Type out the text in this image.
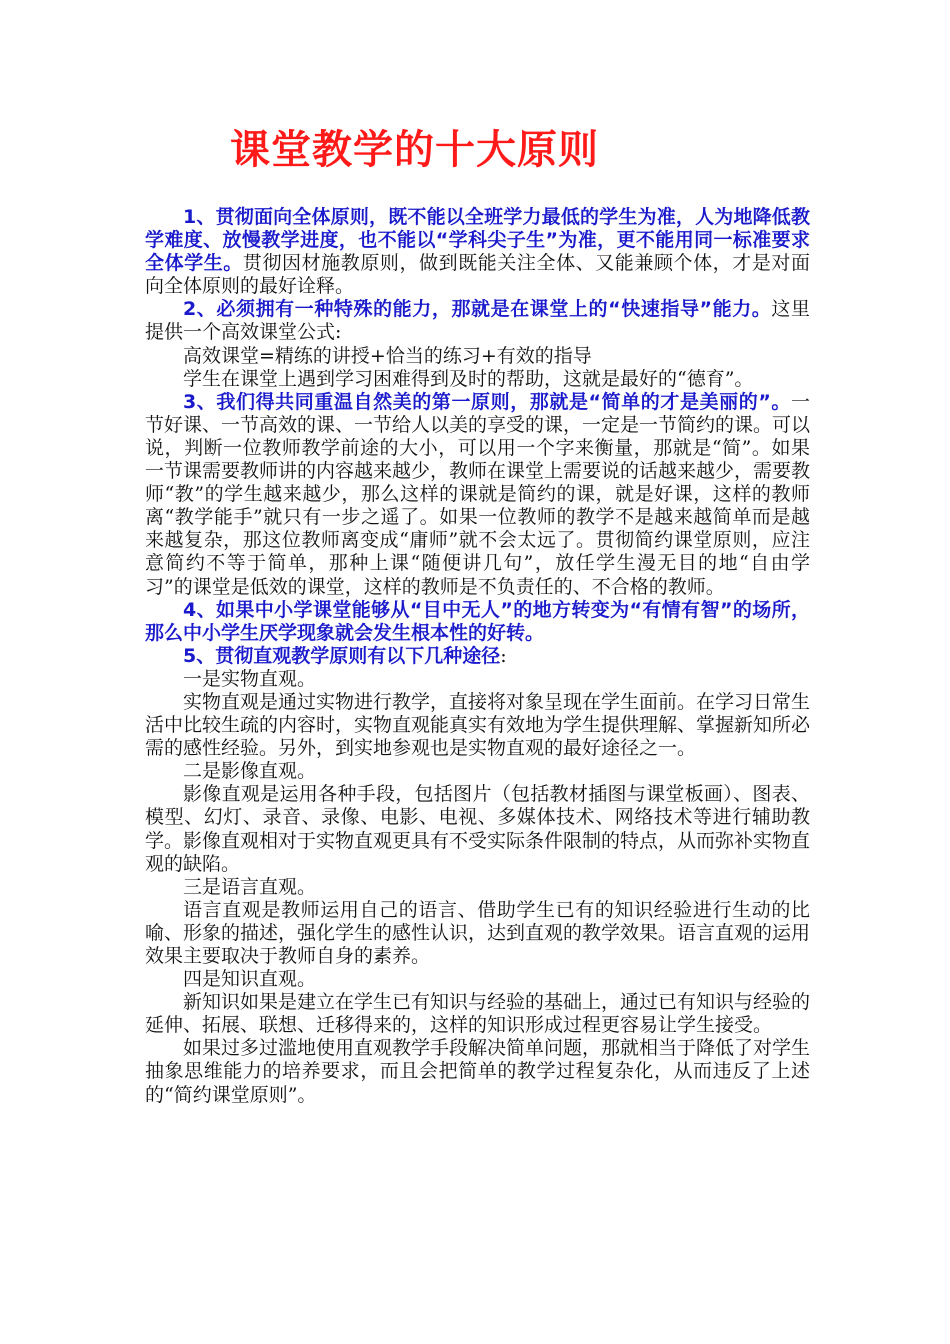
课堂教学的十大原则

1、贯彻面向全体原则，既不能以全班学力最低的学生为准，人为地降低教学难度、放慢教学进度，也不能以“学科尖子生”为准，更不能用同一标准要求全体学生。贯彻因材施教原则，做到既能关注全体、又能兼顾个体，才是对面向全体原则的最好诠释。

2、必须拥有一种特殊的能力，那就是在课堂上的“快速指导”能力。这里提供一个高效课堂公式:

高效课堂=精练的讲授+恰当的练习+有效的指导

学生在课堂上遇到学习困难得到及时的帮助，这就是最好的“德育”。

3、我们得共同重温自然美的第一原则，那就是“简单的才是美丽的”。一节好课、一节高效的课、一节给人以美的享受的课，一定是一节简约的课。可以说，判断一位教师教学前途的大小，可以用一个字来衡量，那就是“简”。如果一节课需要教师讲的内容越来越少，教师在课堂上需要说的话越来越少，需要教师“教”的学生越来越少，那么这样的课就是简约的课，就是好课，这样的教师离“教学能手”就只有一步之遥了。如果一位教师的教学不是越来越简单而是越来越复杂，那这位教师离变成“庸师”就不会太远了。贯彻简约课堂原则，应注意简约不等于简单，那种上课“随便讲几句”，放任学生漫无目的地“自由学习”的课堂是低效的课堂，这样的教师是不负责任的、不合格的教师。

4、如果中小学课堂能够从“目中无人”的地方转变为“有情有智”的场所，那么中小学生厌学现象就会发生根本性的好转。

5、贯彻直观教学原则有以下几种途径:

一是实物直观。

实物直观是通过实物进行教学，直接将对象呈现在学生面前。在学习日常生活中比较生疏的内容时，实物直观能真实有效地为学生提供理解、掌握新知所必需的感性经验。另外，到实地参观也是实物直观的最好途径之一。

二是影像直观。

影像直观是运用各种手段，包括图片（包括教材插图与课堂板画）、图表、模型、幻灯、录音、录像、电影、电视、多媒体技术、网络技术等进行辅助教学。影像直观相对于实物直观更具有不受实际条件限制的特点，从而弥补实物直观的缺陷。

三是语言直观。

语言直观是教师运用自己的语言、借助学生已有的知识经验进行生动的比喻、形象的描述，强化学生的感性认识，达到直观的教学效果。语言直观的运用效果主要取决于教师自身的素养。

四是知识直观。

新知识如果是建立在学生已有知识与经验的基础上，通过已有知识与经验的延伸、拓展、联想、迁移得来的，这样的知识形成过程更容易让学生接受。

如果过多过滥地使用直观教学手段解决简单问题，那就相当于降低了对学生抽象思维能力的培养要求，而且会把简单的教学过程复杂化，从而违反了上述的“简约课堂原则”。
